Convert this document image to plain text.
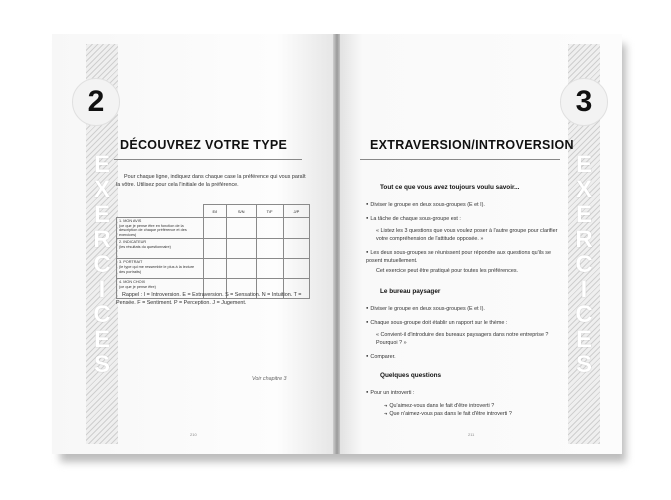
E
X
E
R
C
I
C
E
S
2
DÉCOUVREZ VOTRE TYPE
Pour chaque ligne, indiquez dans chaque case la préférence qui vous paraît la vôtre. Utilisez pour cela l'initiale de la préférence.
	E/I	S/N	T/F	J/P

1. MON AVIS
(ce que je pense être en fonction de la description de chaque préférence et des exercices)				

2. INDICATEUR
(les résultats du questionnaire)				

3. PORTRAIT
(le type qui me ressemble le plus à la lecture des portraits)				

4. MON CHOIX
(ce que je pense être)				

Rappel : I = Introversion. E = Extraversion. S = Sensation. N = Intuition. T = Pensée. F = Sentiment. P = Perception. J = Jugement.
Voir chapitre 3
210
E
X
E
R
C
I
C
E
S
3
EXTRAVERSION/INTROVERSION
Tout ce que vous avez toujours voulu savoir...
● Diviser le groupe en deux sous-groupes (E et I).
● La tâche de chaque sous-groupe est :
« Listez les 3 questions que vous voulez poser à l'autre groupe pour clarifier votre compréhension de l'attitude opposée. »
● Les deux sous-groupes se réunissent pour répondre aux questions qu'ils se posent mutuellement.
Cet exercice peut être pratiqué pour toutes les préférences.
Le bureau paysager
● Diviser le groupe en deux sous-groupes (E et I).
● Chaque sous-groupe doit établir un rapport sur le thème :
« Convient-il d'introduire des bureaux paysagers dans notre entreprise ? Pourquoi ? »
● Comparer.
Quelques questions
● Pour un introverti :
➔ Qu'aimez-vous dans le fait d'être introverti ?
➔ Que n'aimez-vous pas dans le fait d'être introverti ?
211
